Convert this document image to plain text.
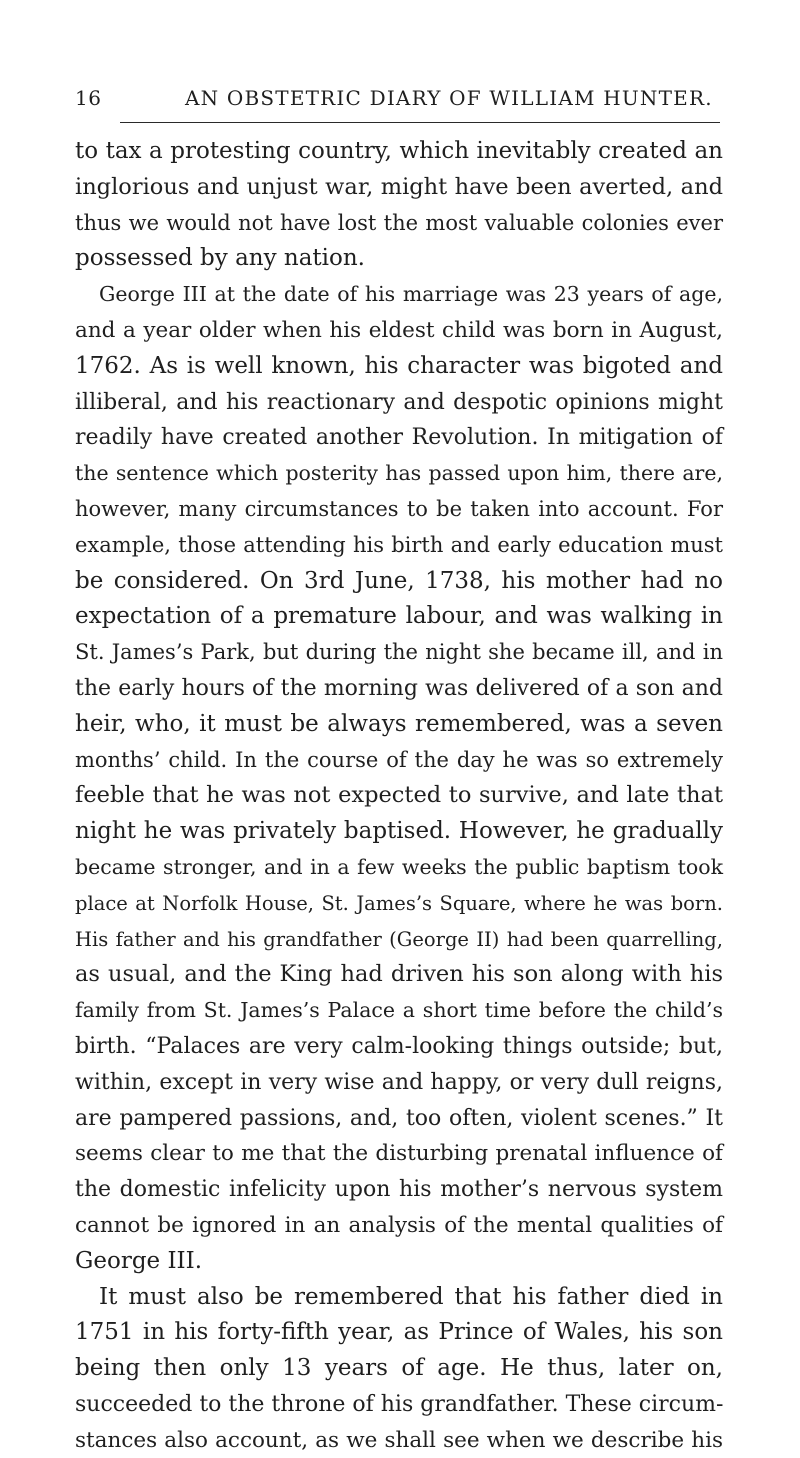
16	AN OBSTETRIC DIARY OF WILLIAM HUNTER.
to tax a protesting country, which inevitably created an
inglorious and unjust war, might have been averted, and
thus we would not have lost the most valuable colonies ever
possessed by any nation.
George III at the date of his marriage was 23 years of age,
and a year older when his eldest child was born in August,
1762. As is well known, his character was bigoted and
illiberal, and his reactionary and despotic opinions might
readily have created another Revolution. In mitigation of
the sentence which posterity has passed upon him, there are,
however, many circumstances to be taken into account. For
example, those attending his birth and early education must
be considered. On 3rd June, 1738, his mother had no
expectation of a premature labour, and was walking in
St. James’s Park, but during the night she became ill, and in
the early hours of the morning was delivered of a son and
heir, who, it must be always remembered, was a seven
months’ child. In the course of the day he was so extremely
feeble that he was not expected to survive, and late that
night he was privately baptised. However, he gradually
became stronger, and in a few weeks the public baptism took
place at Norfolk House, St. James’s Square, where he was born.
His father and his grandfather (George II) had been quarrelling,
as usual, and the King had driven his son along with his
family from St. James’s Palace a short time before the child’s
birth. “Palaces are very calm-looking things outside; but,
within, except in very wise and happy, or very dull reigns,
are pampered passions, and, too often, violent scenes.” It
seems clear to me that the disturbing prenatal influence of
the domestic infelicity upon his mother’s nervous system
cannot be ignored in an analysis of the mental qualities of
George III.
It must also be remembered that his father died in
1751 in his forty-fifth year, as Prince of Wales, his son
being then only 13 years of age. He thus, later on,
succeeded to the throne of his grandfather. These circum-
stances also account, as we shall see when we describe his
